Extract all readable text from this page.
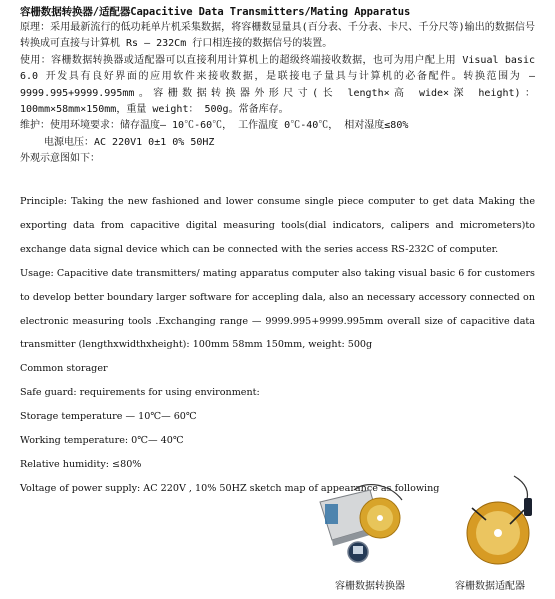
容栅数据转换器/适配器Capacitive Data Transmitters/Mating Apparatus

原理：采用最新流行的低功耗单片机采集数据，将容栅数显量具(百分表、千分表、卡尺、千分尺等)输出的数据信号转换成可直接与计算机 Rs — 232Cm 行口相连接的数据信号的装置。

使用：容栅数据转换器或适配器可以直接利用计算机上的超级终端接收数据，也可为用户配上用 Visual basic 6.0 开发具有良好界面的应用软件来接收数据，是联接电子量具与计算机的必备配件。转换范围为 — 9999.995+9999.995mm。容栅数据转换器外形尺寸(长 length×高 wide×深 height)：100mm×58mm×150mm，重量 weight： 500g。常备库存。

维护：使用环境要求：储存温度— 10℃-60℃， 工作温度 0℃-40℃， 相对湿度≤80%

电源电压：AC 220V1 0±1 0% 50HZ

外观示意图如下：

Principle: Taking the new fashioned and lower consume single piece computer to get data Making the exporting data from capacitive digital measuring tools(dial indicators, calipers and micrometers)to exchange data signal device which can be connected with the series access RS-232C of computer.

Usage: Capacitive date transmitters/ mating apparatus computer also taking visual basic 6 for customers to develop better boundary larger software for accepling dala, also an necessary accessory connected on electronic measuring tools .Exchanging range — 9999.995+9999.995mm overall size of capacitive data transmitter (lengthxwidthxheight): 100mm 58mm 150mm, weight: 500g

Common storager

Safe guard: requirements for using environment:

Storage temperature — 10℃— 60℃

Working temperature: 0℃— 40℃

Relative humidity: ≤80%

Voltage of power supply: AC 220V , 10% 50HZ sketch map of appearance as following

容栅数据转换器	容栅数据适配器
